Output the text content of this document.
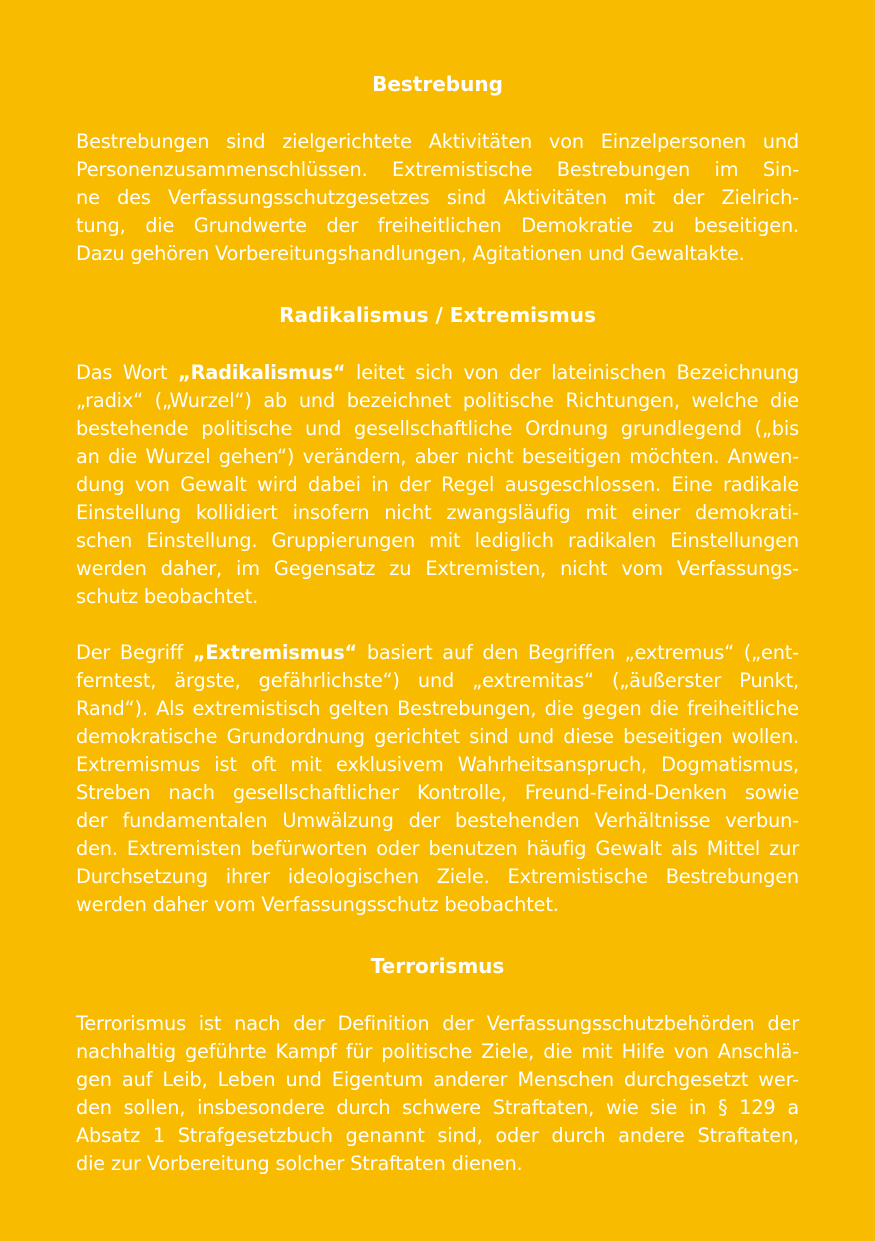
Bestrebung

Bestrebungen sind zielgerichtete Aktivitäten von Einzelpersonen und
Personenzusammenschlüssen. Extremistische Bestrebungen im Sin-
ne des Verfassungsschutzgesetzes sind Aktivitäten mit der Zielrich-
tung, die Grundwerte der freiheitlichen Demokratie zu beseitigen.
Dazu gehören Vorbereitungshandlungen, Agitationen und Gewaltakte.

Radikalismus / Extremismus

Das Wort „Radikalismus“ leitet sich von der lateinischen Bezeichnung
„radix“ („Wurzel“) ab und bezeichnet politische Richtungen, welche die
bestehende politische und gesellschaftliche Ordnung grundlegend („bis
an die Wurzel gehen“) verändern, aber nicht beseitigen möchten. Anwen-
dung von Gewalt wird dabei in der Regel ausgeschlossen. Eine radikale
Einstellung kollidiert insofern nicht zwangsläufig mit einer demokrati-
schen Einstellung. Gruppierungen mit lediglich radikalen Einstellungen
werden daher, im Gegensatz zu Extremisten, nicht vom Verfassungs-
schutz beobachtet.

Der Begriff „Extremismus“ basiert auf den Begriffen „extremus“ („ent-
ferntest, ärgste, gefährlichste“) und „extremitas“ („äußerster Punkt,
Rand“). Als extremistisch gelten Bestrebungen, die gegen die freiheitliche
demokratische Grundordnung gerichtet sind und diese beseitigen wollen.
Extremismus ist oft mit exklusivem Wahrheitsanspruch, Dogmatismus,
Streben nach gesellschaftlicher Kontrolle, Freund-Feind-Denken sowie
der fundamentalen Umwälzung der bestehenden Verhältnisse verbun-
den. Extremisten befürworten oder benutzen häufig Gewalt als Mittel zur
Durchsetzung ihrer ideologischen Ziele. Extremistische Bestrebungen
werden daher vom Verfassungsschutz beobachtet.

Terrorismus

Terrorismus ist nach der Definition der Verfassungsschutzbehörden der
nachhaltig geführte Kampf für politische Ziele, die mit Hilfe von Anschlä-
gen auf Leib, Leben und Eigentum anderer Menschen durchgesetzt wer-
den sollen, insbesondere durch schwere Straftaten, wie sie in § 129 a
Absatz 1 Strafgesetzbuch genannt sind, oder durch andere Straftaten,
die zur Vorbereitung solcher Straftaten dienen.
